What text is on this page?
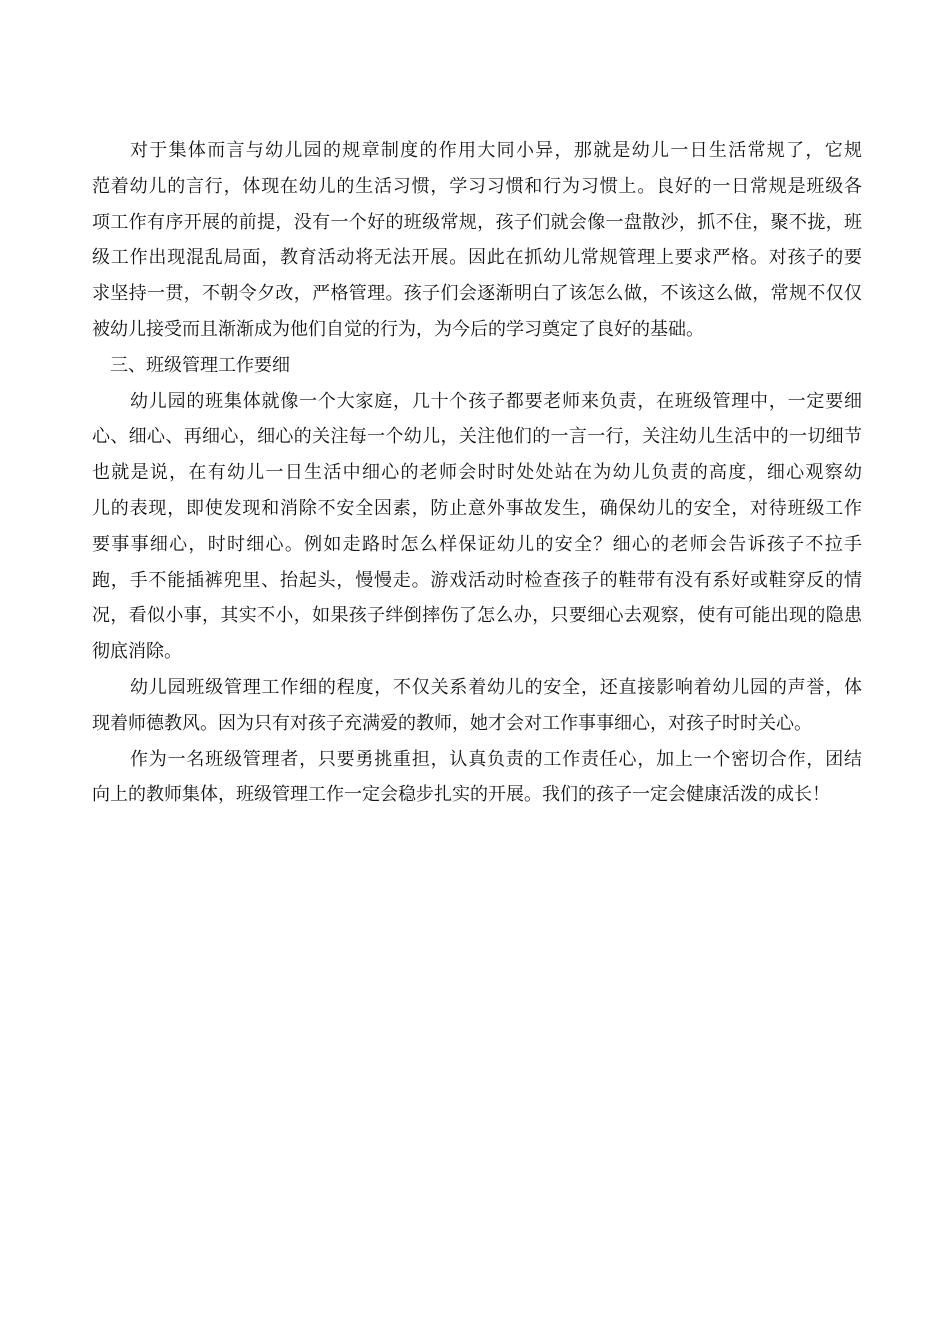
对于集体而言与幼儿园的规章制度的作用大同小异，那就是幼儿一日生活常规了，它规
范着幼儿的言行，体现在幼儿的生活习惯，学习习惯和行为习惯上。良好的一日常规是班级各
项工作有序开展的前提，没有一个好的班级常规，孩子们就会像一盘散沙，抓不住，聚不拢，班
级工作出现混乱局面，教育活动将无法开展。因此在抓幼儿常规管理上要求严格。对孩子的要
求坚持一贯，不朝令夕改，严格管理。孩子们会逐渐明白了该怎么做，不该这么做，常规不仅仅
被幼儿接受而且渐渐成为他们自觉的行为，为今后的学习奠定了良好的基础。
三、班级管理工作要细
幼儿园的班集体就像一个大家庭，几十个孩子都要老师来负责，在班级管理中，一定要细
心、细心、再细心，细心的关注每一个幼儿，关注他们的一言一行，关注幼儿生活中的一切细节
也就是说，在有幼儿一日生活中细心的老师会时时处处站在为幼儿负责的高度，细心观察幼
儿的表现，即使发现和消除不安全因素，防止意外事故发生，确保幼儿的安全，对待班级工作
要事事细心，时时细心。例如走路时怎么样保证幼儿的安全？细心的老师会告诉孩子不拉手
跑，手不能插裤兜里、抬起头，慢慢走。游戏活动时检查孩子的鞋带有没有系好或鞋穿反的情
况，看似小事，其实不小，如果孩子绊倒摔伤了怎么办，只要细心去观察，使有可能出现的隐患
彻底消除。
幼儿园班级管理工作细的程度，不仅关系着幼儿的安全，还直接影响着幼儿园的声誉，体
现着师德教风。因为只有对孩子充满爱的教师，她才会对工作事事细心，对孩子时时关心。
作为一名班级管理者，只要勇挑重担，认真负责的工作责任心，加上一个密切合作，团结
向上的教师集体，班级管理工作一定会稳步扎实的开展。我们的孩子一定会健康活泼的成长！
